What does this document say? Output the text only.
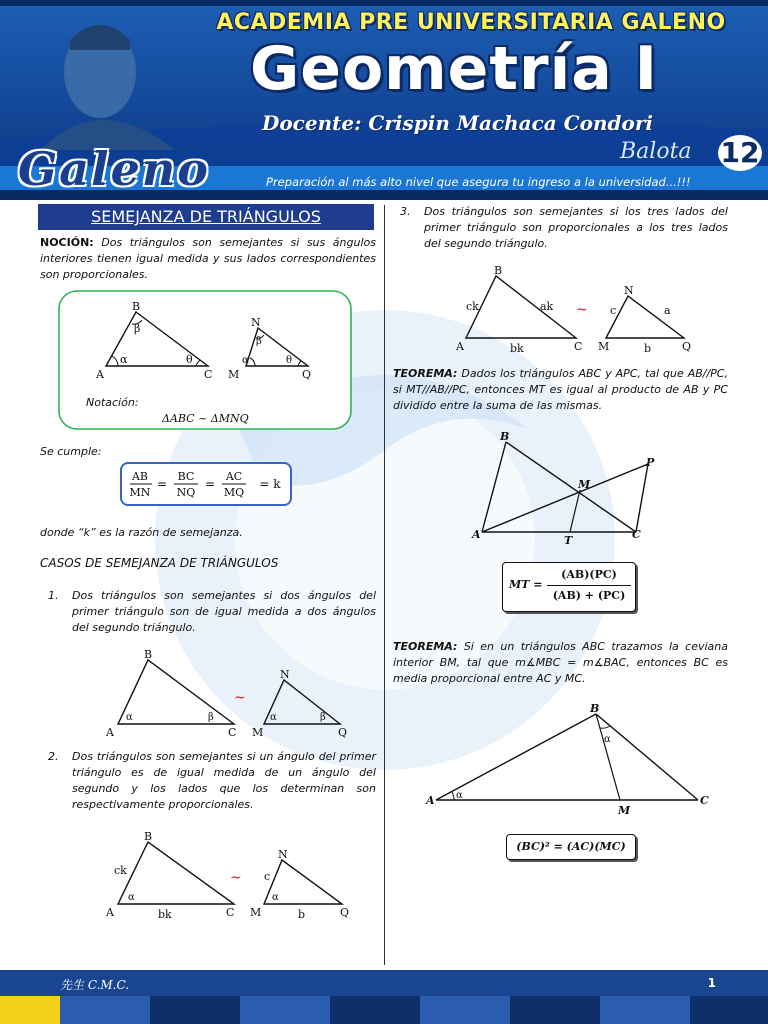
ACADEMIA PRE UNIVERSITARIA GALENO
Geometría I
Docente: Crispin Machaca Condori
Galeno	Balota 12
Preparación al más alto nivel que asegura tu ingreso a la universidad...!!!
SEMEJANZA DE TRIÁNGULOS
NOCIÓN: Dos triángulos son semejantes si sus ángulos interiores tienen igual medida y sus lados correspondientes son proporcionales.
B
A	C
α
β
θ
N
M	Q
α
β
θ
Notación:
ΔABC ~ ΔMNQ
Se cumple:
AB
MN
=
BC
NQ
=
AC
MQ
= k
donde “k” es la razón de semejanza.
CASOS DE SEMEJANZA DE TRIÁNGULOS
1.	Dos triángulos son semejantes si dos ángulos del primer triángulo son de igual medida a dos ángulos del segundo triángulo.
B
A	C
α	β
~
N
M	Q
α	β
2.	Dos triángulos son semejantes si un ángulo del primer triángulo es de igual medida de un ángulo del segundo y los lados que los determinan son respectivamente proporcionales.
B
A	C
ck
bk
α
~
N
M	Q
c
b
α
3.	Dos triángulos son semejantes si los tres lados del primer triángulo son proporcionales a los tres lados del segundo triángulo.
B
A	C
ck	ak
bk
~
N
M	Q
c	a
b
TEOREMA: Dados los triángulos ABC y APC, tal que AB//PC, si MT//AB//PC, entonces MT es igual al producto de AB y PC dividido entre la suma de las mismas.
B
A	C
P
M
T
MT =
(AB)(PC)
(AB) + (PC)
TEOREMA: Si en un triángulos ABC trazamos la ceviana interior BM, tal que m∡MBC = m∡BAC, entonces BC es media proporcional entre AC y MC.
B
A	C
M
α
α
(BC)² = (AC)(MC)
先生 C.M.C.	1
